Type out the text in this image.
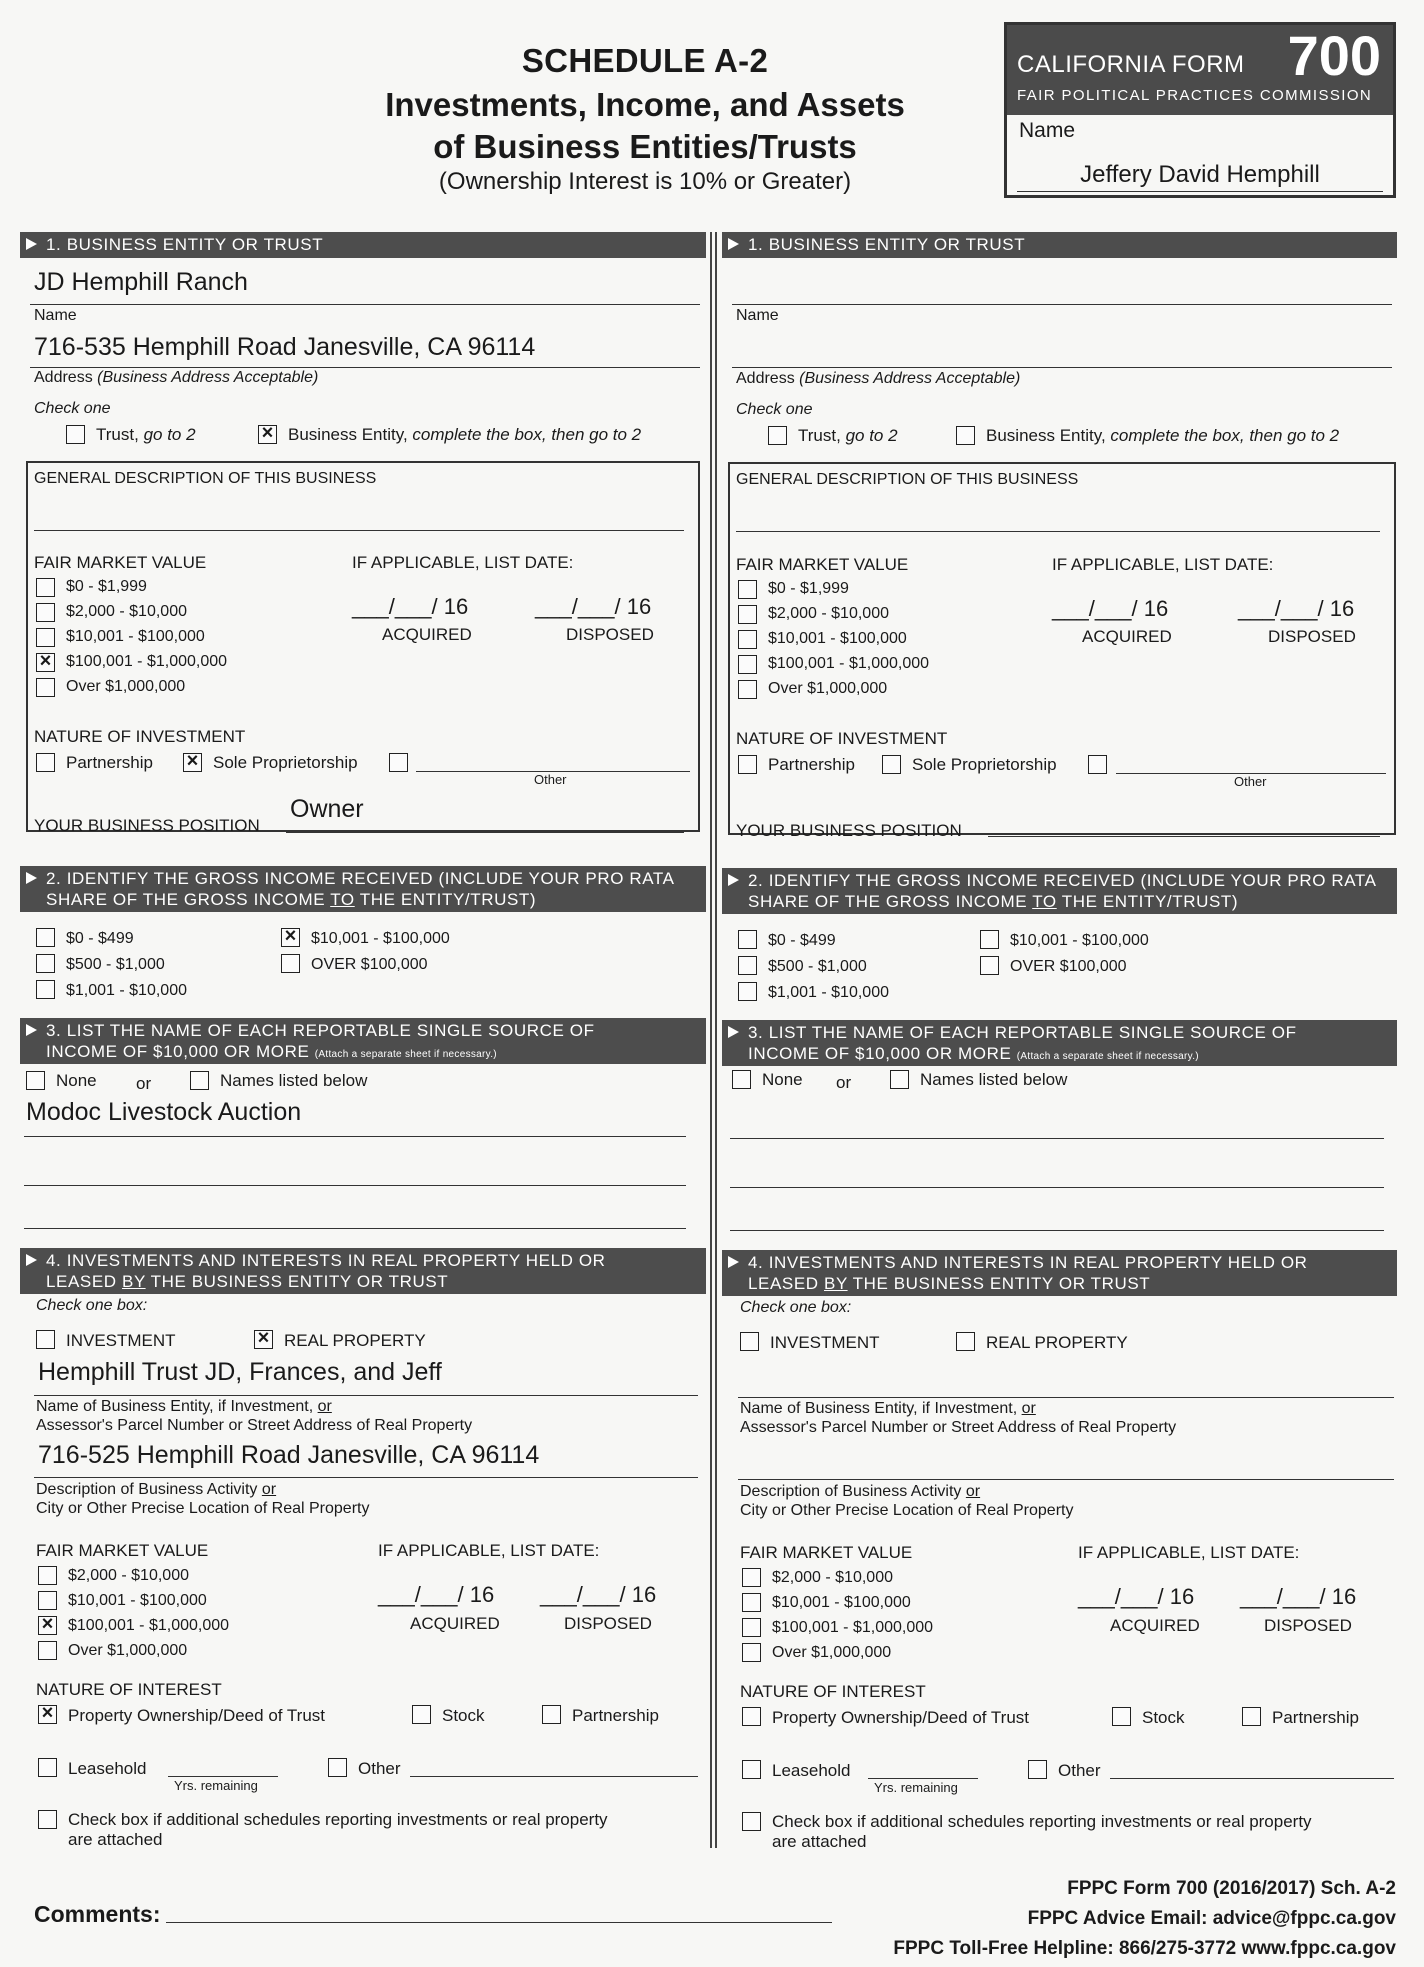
SCHEDULE A-2
Investments, Income, and Assets
of Business Entities/Trusts
(Ownership Interest is 10% or Greater)
CALIFORNIA FORM 700
FAIR POLITICAL PRACTICES COMMISSION
Name
Jeffery David Hemphill
1. BUSINESS ENTITY OR TRUST
JD Hemphill Ranch
Name
716-535 Hemphill Road Janesville, CA 96114
Address (Business Address Acceptable)
Check one
Trust, go to 2	× Business Entity, complete the box, then go to 2
GENERAL DESCRIPTION OF THIS BUSINESS
FAIR MARKET VALUE	IF APPLICABLE, LIST DATE:
$0 - $1,999
$2,000 - $10,000
$10,001 - $100,000
× $100,001 - $1,000,000
Over $1,000,000
___/___/ 16
ACQUIRED
___/___/ 16
DISPOSED
NATURE OF INVESTMENT
Partnership × Sole Proprietorship
Other
YOUR BUSINESS POSITION
Owner
2. IDENTIFY THE GROSS INCOME RECEIVED (INCLUDE YOUR PRO RATA
SHARE OF THE GROSS INCOME TO THE ENTITY/TRUST)
$0 - $499
$500 - $1,000
$1,001 - $10,000
× $10,001 - $100,000
OVER $100,000
3. LIST THE NAME OF EACH REPORTABLE SINGLE SOURCE OF
INCOME OF $10,000 OR MORE (Attach a separate sheet if necessary.)
None or	Names listed below
Modoc Livestock Auction
4. INVESTMENTS AND INTERESTS IN REAL PROPERTY HELD OR
LEASED BY THE BUSINESS ENTITY OR TRUST
Check one box:
INVESTMENT	× REAL PROPERTY
Hemphill Trust JD, Frances, and Jeff
Name of Business Entity, if Investment, or
Assessor's Parcel Number or Street Address of Real Property
716-525 Hemphill Road Janesville, CA 96114
Description of Business Activity or
City or Other Precise Location of Real Property
FAIR MARKET VALUE	IF APPLICABLE, LIST DATE:
$2,000 - $10,000
$10,001 - $100,000
× $100,001 - $1,000,000
Over $1,000,000
___/___/ 16
ACQUIRED
___/___/ 16
DISPOSED
NATURE OF INTEREST
× Property Ownership/Deed of Trust	Stock	Partnership
Leasehold
Yrs. remaining
Other
Check box if additional schedules reporting investments or real property
are attached
1. BUSINESS ENTITY OR TRUST
Name
Address (Business Address Acceptable)
Check one
Trust, go to 2	Business Entity, complete the box, then go to 2
GENERAL DESCRIPTION OF THIS BUSINESS
FAIR MARKET VALUE	IF APPLICABLE, LIST DATE:
$0 - $1,999
$2,000 - $10,000
$10,001 - $100,000
$100,001 - $1,000,000
Over $1,000,000
___/___/ 16
ACQUIRED
___/___/ 16
DISPOSED
NATURE OF INVESTMENT
Partnership	Sole Proprietorship
Other
YOUR BUSINESS POSITION
2. IDENTIFY THE GROSS INCOME RECEIVED (INCLUDE YOUR PRO RATA
SHARE OF THE GROSS INCOME TO THE ENTITY/TRUST)
$0 - $499
$500 - $1,000
$1,001 - $10,000
$10,001 - $100,000
OVER $100,000
3. LIST THE NAME OF EACH REPORTABLE SINGLE SOURCE OF
INCOME OF $10,000 OR MORE (Attach a separate sheet if necessary.)
None or	Names listed below
4. INVESTMENTS AND INTERESTS IN REAL PROPERTY HELD OR
LEASED BY THE BUSINESS ENTITY OR TRUST
Check one box:
INVESTMENT	REAL PROPERTY
Name of Business Entity, if Investment, or
Assessor's Parcel Number or Street Address of Real Property
Description of Business Activity or
City or Other Precise Location of Real Property
FAIR MARKET VALUE	IF APPLICABLE, LIST DATE:
$2,000 - $10,000
$10,001 - $100,000
$100,001 - $1,000,000
Over $1,000,000
___/___/ 16
ACQUIRED
___/___/ 16
DISPOSED
NATURE OF INTEREST
Property Ownership/Deed of Trust	Stock	Partnership
Leasehold
Yrs. remaining
Other
Check box if additional schedules reporting investments or real property
are attached
Comments:
FPPC Form 700 (2016/2017) Sch. A-2
FPPC Advice Email: advice@fppc.ca.gov
FPPC Toll-Free Helpline: 866/275-3772 www.fppc.ca.gov
